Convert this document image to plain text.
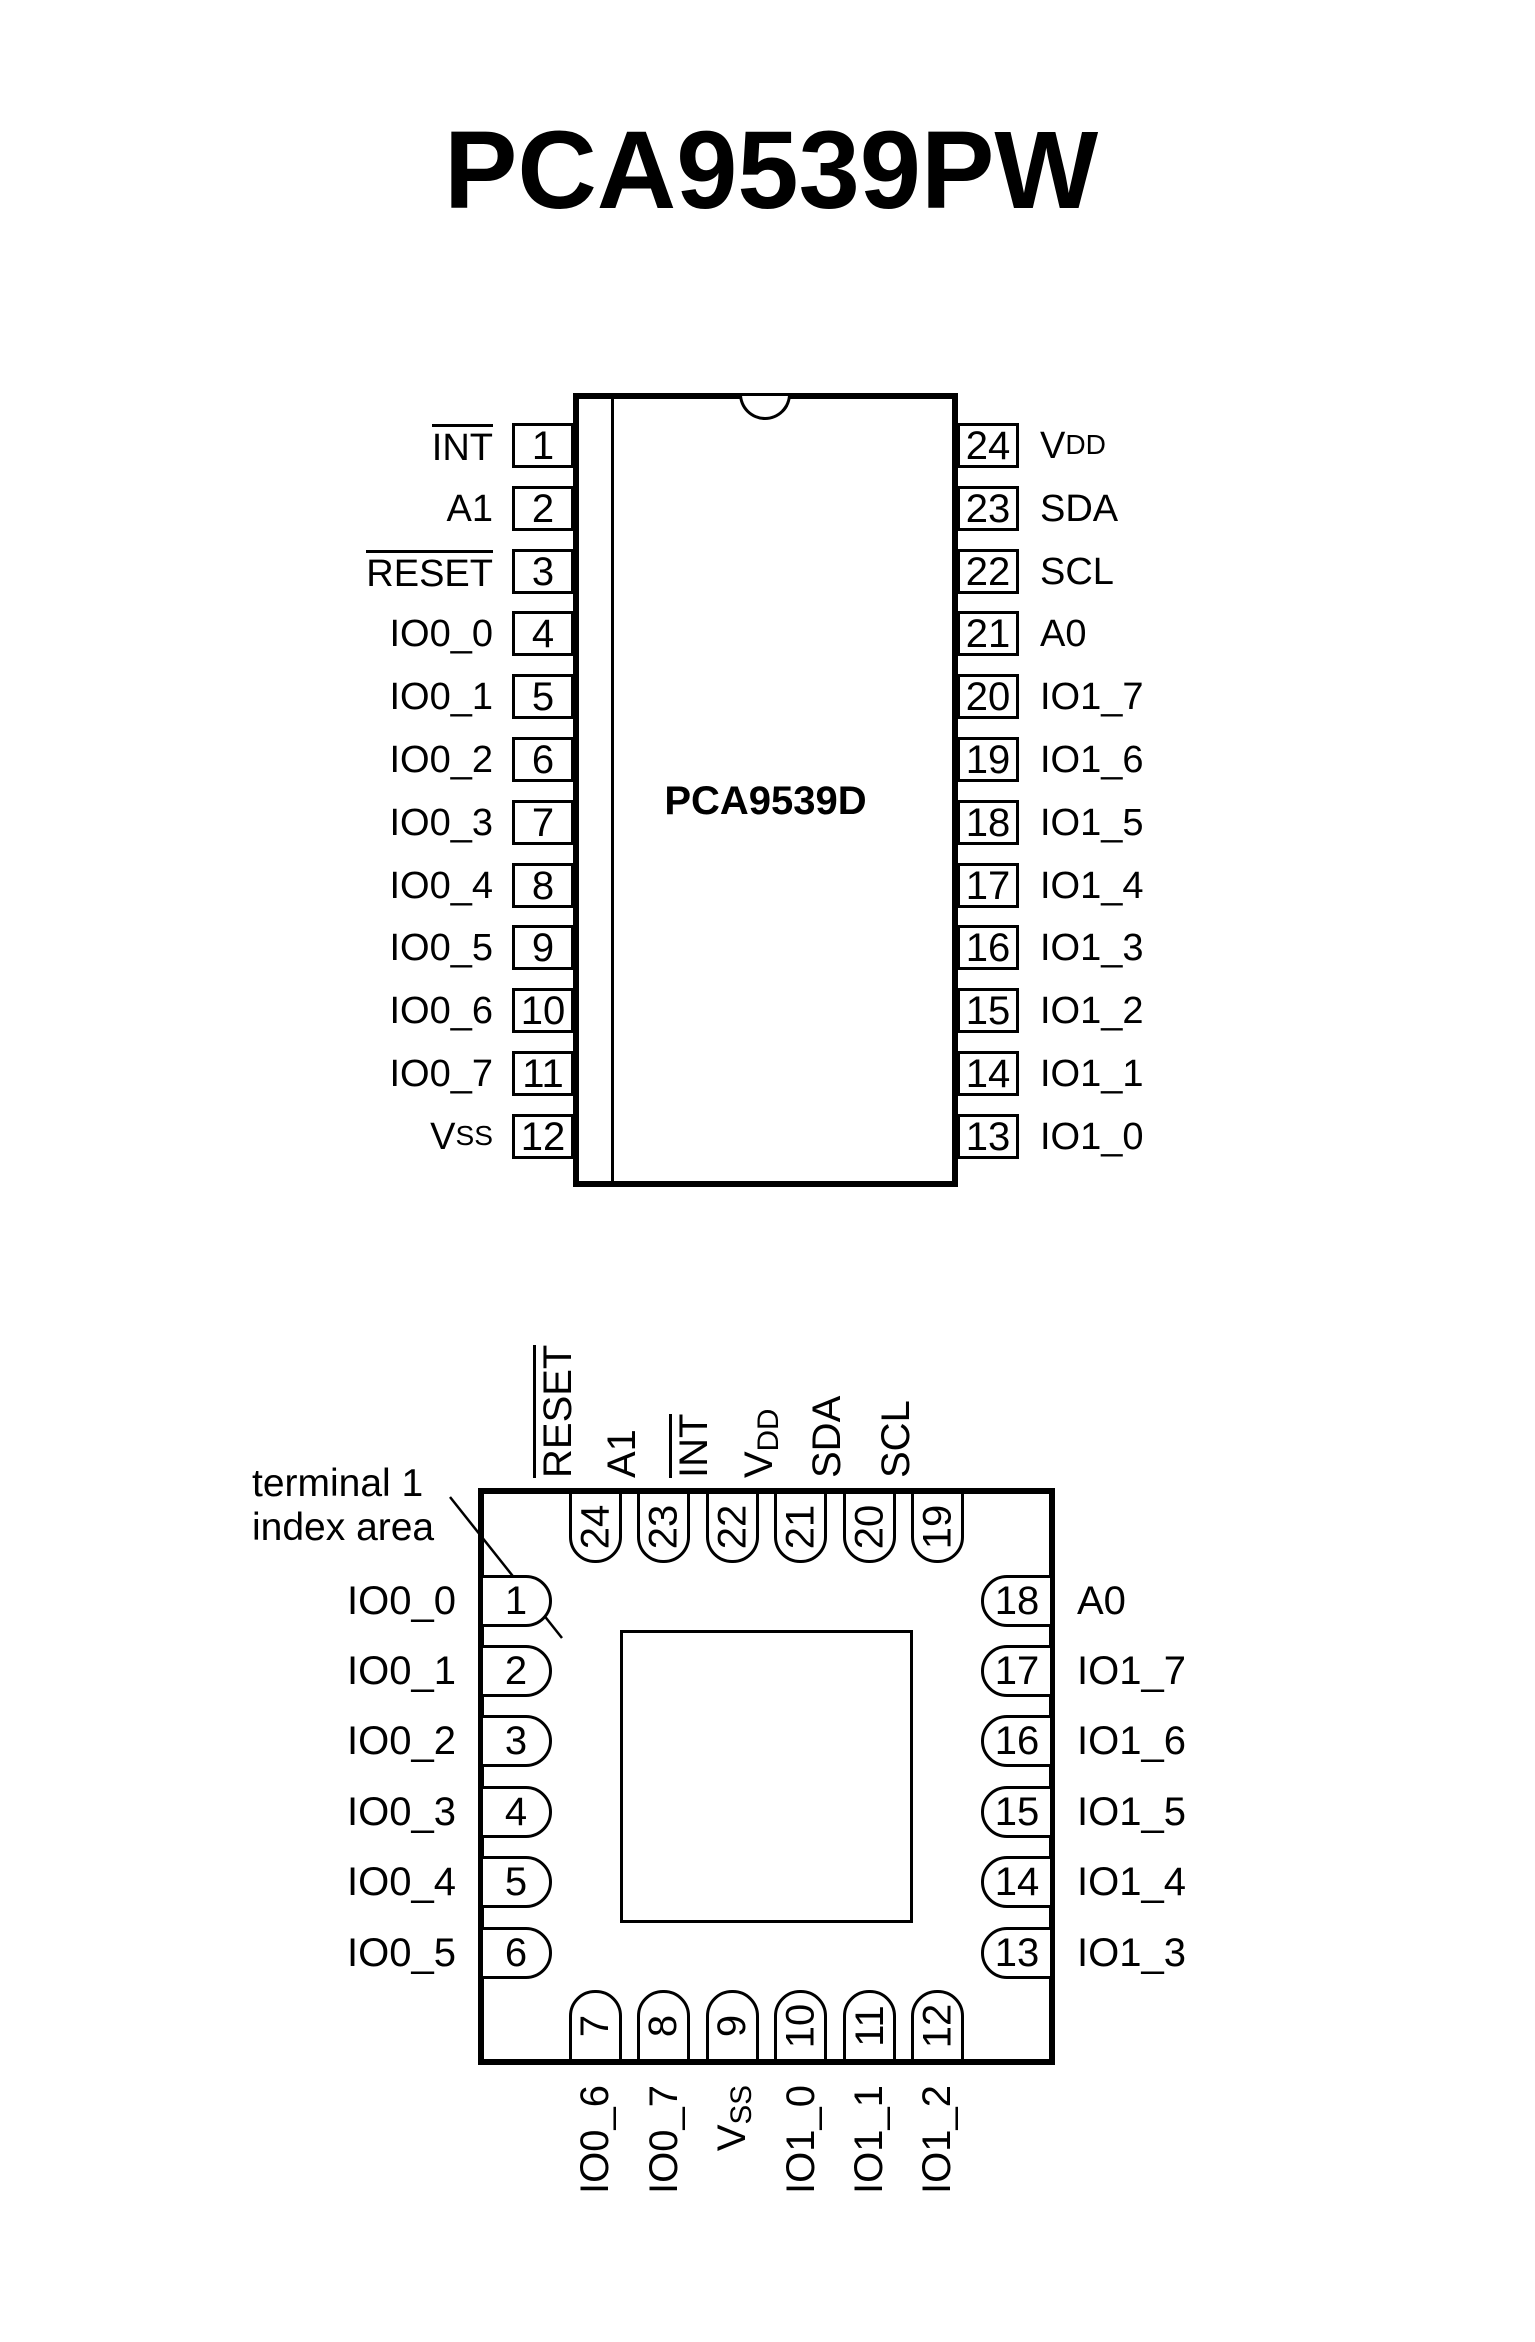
PCA9539PW
PCA9539D
1
INT
2
A1
3
RESET
4
IO0_0
5
IO0_1
6
IO0_2
7
IO0_3
8
IO0_4
9
IO0_5
10
IO0_6
11
IO0_7
12
V SS
24 V DD
23 SDA
22 SCL
21 A0
20 IO1_7
19 IO1_6
18 IO1_5
17 IO1_4
16 IO1_3
15 IO1_2
14 IO1_1
13 IO1_0
terminal 1
index area
1
IO0_0
2
IO0_1
3
IO0_2
4
IO0_3
5
IO0_4
6
IO0_5
18 A0
17 IO1_7
16 IO1_6
15 IO1_5
14 IO1_4
13 IO1_3
24
RESET
23
A1
22
INT
21
VDD
20
SDA
19
SCL
7
IO0_6
8
IO0_7
9
VSS
10
IO1_0
11
IO1_1
12
IO1_2
